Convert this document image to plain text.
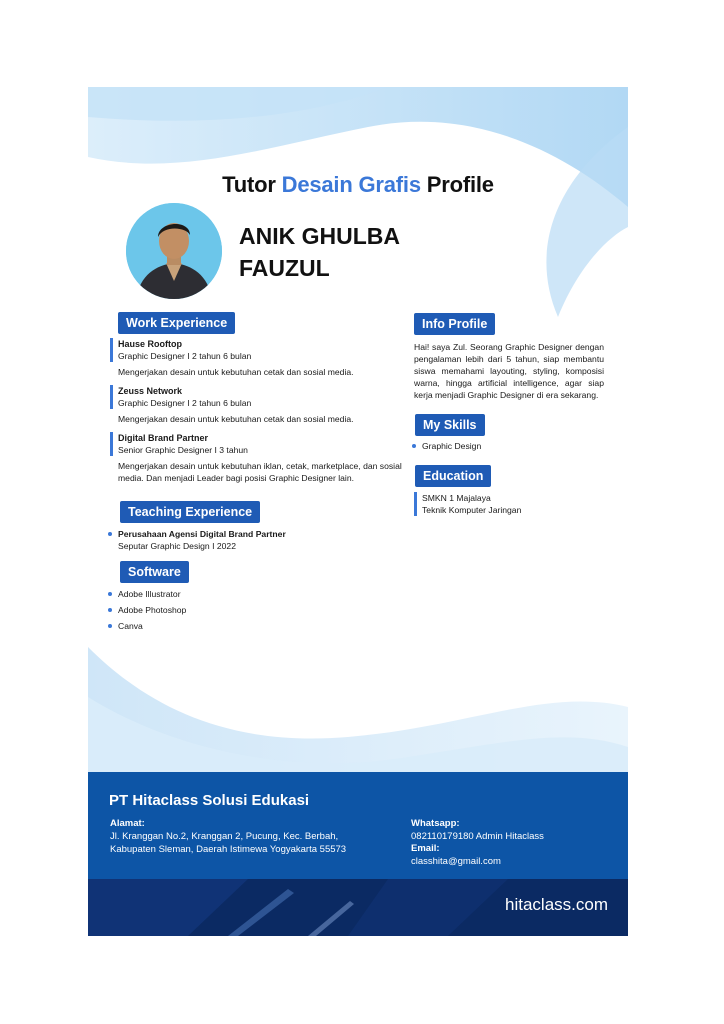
Tutor Desain Grafis Profile
ANIK GHULBA
FAUZUL
Work Experience
Hause Rooftop
Graphic Designer I 2 tahun 6 bulan
Mengerjakan desain untuk kebutuhan cetak dan sosial media.
Zeuss Network
Graphic Designer I 2 tahun 6 bulan
Mengerjakan desain untuk kebutuhan cetak dan sosial media.
Digital Brand Partner
Senior Graphic Designer I 3 tahun
Mengerjakan desain untuk kebutuhan iklan, cetak, marketplace, dan sosial media. Dan menjadi Leader bagi posisi Graphic Designer lain.
Teaching Experience
Perusahaan Agensi Digital Brand Partner
Seputar Graphic Design I 2022
Software
Adobe Illustrator
Adobe Photoshop
Canva
Info Profile
Hai! saya Zul. Seorang Graphic Designer dengan pengalaman lebih dari 5 tahun, siap membantu siswa memahami layouting, styling, komposisi warna, hingga artificial intelligence, agar siap kerja menjadi Graphic Designer di era sekarang.
My Skills
Graphic Design
Education
SMKN 1 Majalaya
Teknik Komputer Jaringan
PT Hitaclass Solusi Edukasi
Alamat:
Jl. Kranggan No.2, Kranggan 2, Pucung, Kec. Berbah,
Kabupaten Sleman, Daerah Istimewa Yogyakarta 55573
Whatsapp:
082110179180 Admin Hitaclass
Email:
classhita@gmail.com
hitaclass.com
